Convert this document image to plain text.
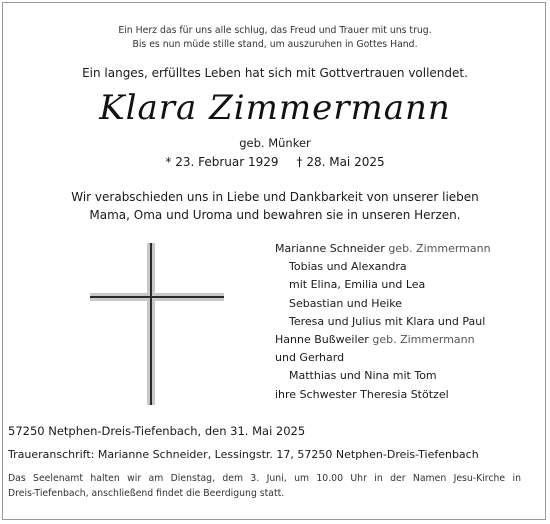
Ein Herz das für uns alle schlug, das Freud und Trauer mit uns trug.
Bis es nun müde stille stand, um auszuruhen in Gottes Hand.
Ein langes, erfülltes Leben hat sich mit Gottvertrauen vollendet.
Klara Zimmermann
geb. Münker
* 23. Februar 1929 † 28. Mai 2025
Wir verabschieden uns in Liebe und Dankbarkeit von unserer lieben
Mama, Oma und Uroma und bewahren sie in unseren Herzen.
Marianne Schneider geb. Zimmermann
Tobias und Alexandra
mit Elina, Emilia und Lea
Sebastian und Heike
Teresa und Julius mit Klara und Paul
Hanne Bußweiler geb. Zimmermann
und Gerhard
Matthias und Nina mit Tom
ihre Schwester Theresia Stötzel
57250 Netphen-Dreis-Tiefenbach, den 31. Mai 2025
Traueranschrift: Marianne Schneider, Lessingstr. 17, 57250 Netphen-Dreis-Tiefenbach
Das Seelenamt halten wir am Dienstag, dem 3. Juni, um 10.00 Uhr in der Namen Jesu-Kirche in
Dreis-Tiefenbach, anschließend findet die Beerdigung statt.
